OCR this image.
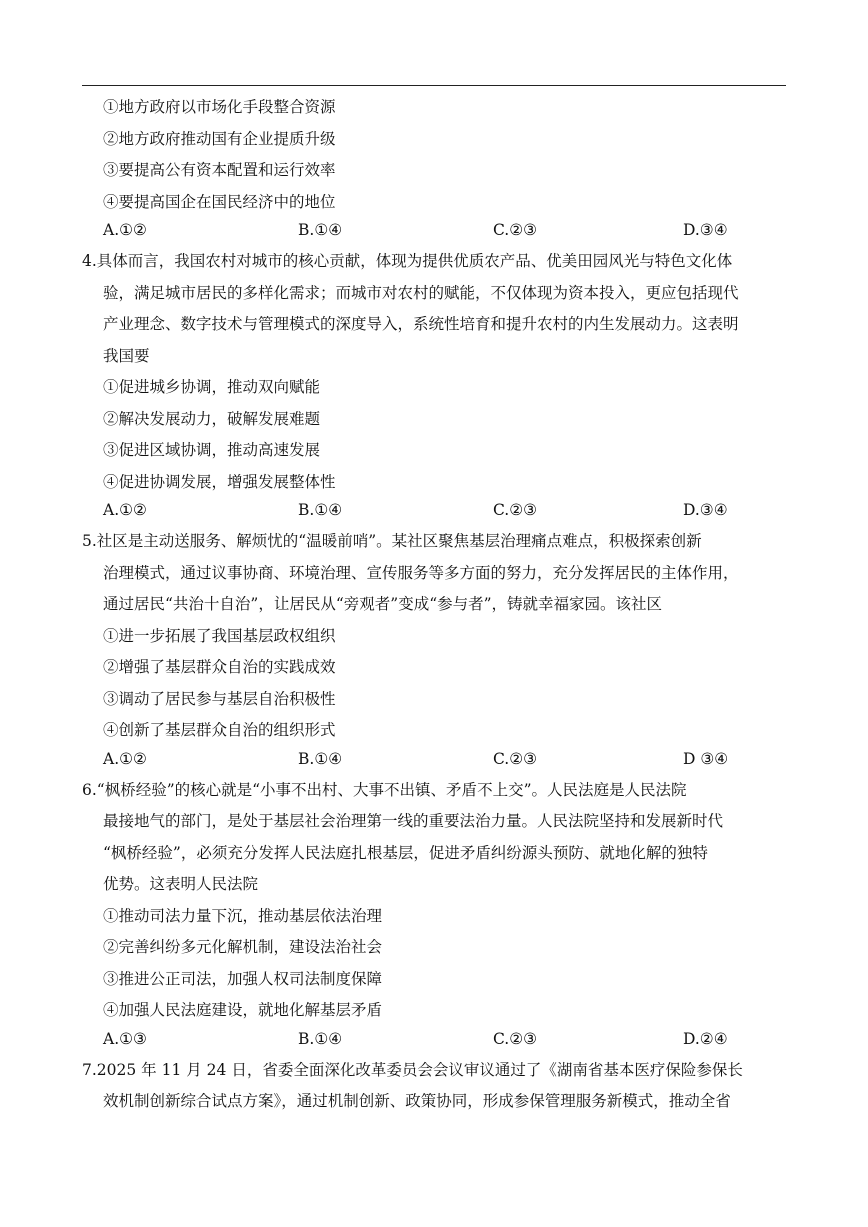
①地方政府以市场化手段整合资源
②地方政府推动国有企业提质升级
③要提高公有资本配置和运行效率
④要提高国企在国民经济中的地位
A.①②	B.①④	C.②③	D.③④
4.具体而言，我国农村对城市的核心贡献，体现为提供优质农产品、优美田园风光与特色文化体
验，满足城市居民的多样化需求；而城市对农村的赋能，不仅体现为资本投入，更应包括现代
产业理念、数字技术与管理模式的深度导入，系统性培育和提升农村的内生发展动力。这表明
我国要
①促进城乡协调，推动双向赋能
②解决发展动力，破解发展难题
③促进区域协调，推动高速发展
④促进协调发展，增强发展整体性
A.①②	B.①④	C.②③	D.③④
5.社区是主动送服务、解烦忧的“温暖前哨”。某社区聚焦基层治理痛点难点，积极探索创新
治理模式，通过议事协商、环境治理、宣传服务等多方面的努力，充分发挥居民的主体作用，
通过居民“共治十自治”，让居民从“旁观者”变成“参与者”，铸就幸福家园。该社区
①进一步拓展了我国基层政权组织
②增强了基层群众自治的实践成效
③调动了居民参与基层自治积极性
④创新了基层群众自治的组织形式
A.①②	B.①④	C.②③	D ③④
6.“枫桥经验”的核心就是“小事不出村、大事不出镇、矛盾不上交”。人民法庭是人民法院
最接地气的部门，是处于基层社会治理第一线的重要法治力量。人民法院坚持和发展新时代
“枫桥经验”，必须充分发挥人民法庭扎根基层，促进矛盾纠纷源头预防、就地化解的独特
优势。这表明人民法院
①推动司法力量下沉，推动基层依法治理
②完善纠纷多元化解机制，建设法治社会
③推进公正司法，加强人权司法制度保障
④加强人民法庭建设，就地化解基层矛盾
A.①③	B.①④	C.②③	D.②④
7.2025 年 11 月 24 日，省委全面深化改革委员会会议审议通过了《湖南省基本医疗保险参保长
效机制创新综合试点方案》，通过机制创新、政策协同，形成参保管理服务新模式，推动全省
